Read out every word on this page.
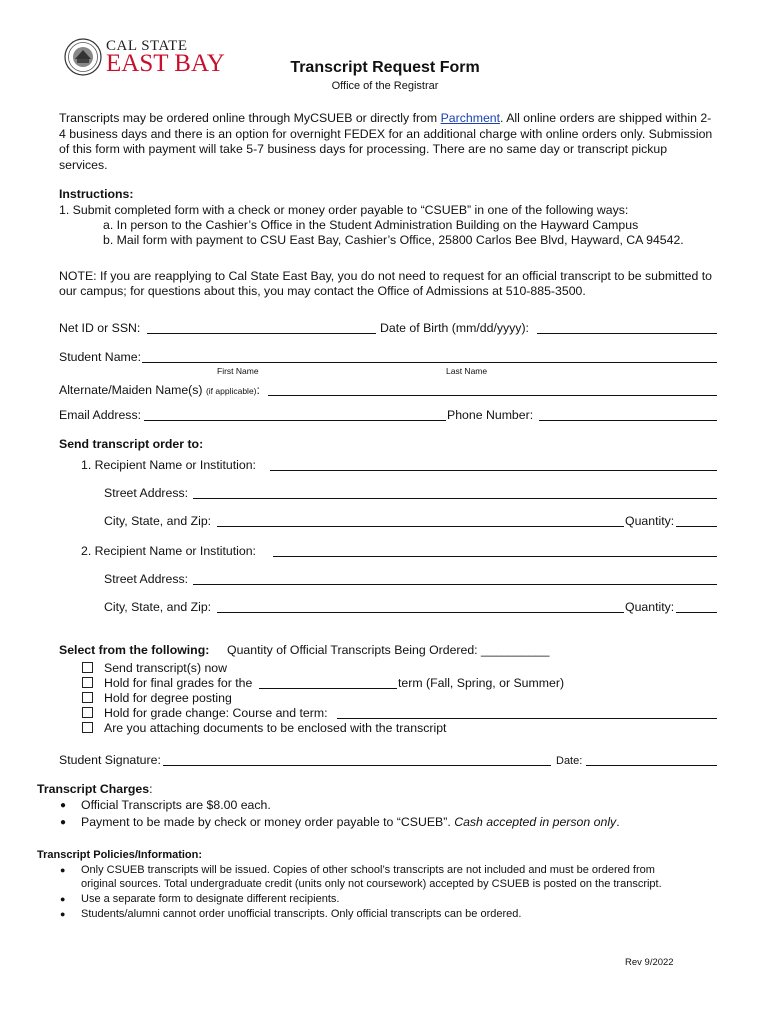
CAL STATE
EAST BAY	Transcript Request Form
Office of the Registrar
Transcripts may be ordered online through MyCSUEB or directly from Parchment. All online orders are shipped within 2-
4 business days and there is an option for overnight FEDEX for an additional charge with online orders only. Submission
of this form with payment will take 5-7 business days for processing. There are no same day or transcript pickup
services.
Instructions:
1. Submit completed form with a check or money order payable to “CSUEB” in one of the following ways:
a. In person to the Cashier’s Office in the Student Administration Building on the Hayward Campus
b. Mail form with payment to CSU East Bay, Cashier’s Office, 25800 Carlos Bee Blvd, Hayward, CA 94542.
NOTE: If you are reapplying to Cal State East Bay, you do not need to request for an official transcript to be submitted to
our campus; for questions about this, you may contact the Office of Admissions at 510-885-3500.
Net ID or SSN:	Date of Birth (mm/dd/yyyy):
Student Name:
First Name	Last Name
Alternate/Maiden Name(s) (if applicable):
Email Address:	Phone Number:
Send transcript order to:
1. Recipient Name or Institution:
Street Address:
City, State, and Zip:	Quantity:
2. Recipient Name or Institution:
Street Address:
City, State, and Zip:	Quantity:
Select from the following: Quantity of Official Transcripts Being Ordered: __________
Send transcript(s) now
Hold for final grades for the	term (Fall, Spring, or Summer)
Hold for degree posting
Hold for grade change: Course and term:
Are you attaching documents to be enclosed with the transcript
Student Signature:	Date:
Transcript Charges:
● Official Transcripts are $8.00 each.
● Payment to be made by check or money order payable to “CSUEB”. Cash accepted in person only.
Transcript Policies/Information:
● Only CSUEB transcripts will be issued. Copies of other school’s transcripts are not included and must be ordered from
original sources. Total undergraduate credit (units only not coursework) accepted by CSUEB is posted on the transcript.
● Use a separate form to designate different recipients.
● Students/alumni cannot order unofficial transcripts. Only official transcripts can be ordered.
Rev 9/2022
